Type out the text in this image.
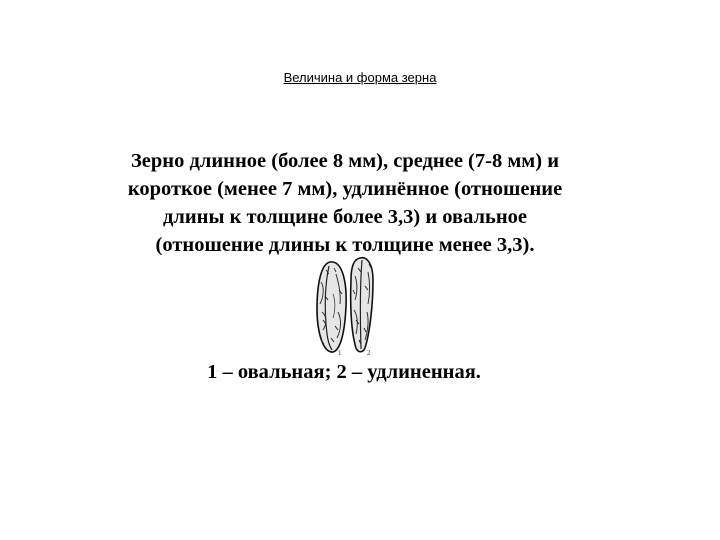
Величина и форма зерна

Зерно длинное (более 8 мм), среднее (7-8 мм) и

короткое (менее 7 мм), удлинённое (отношение

длины к толщине более 3,3) и овальное

(отношение длины к толщине менее 3,3).

1	2
1 – овальная; 2 – удлиненная.
